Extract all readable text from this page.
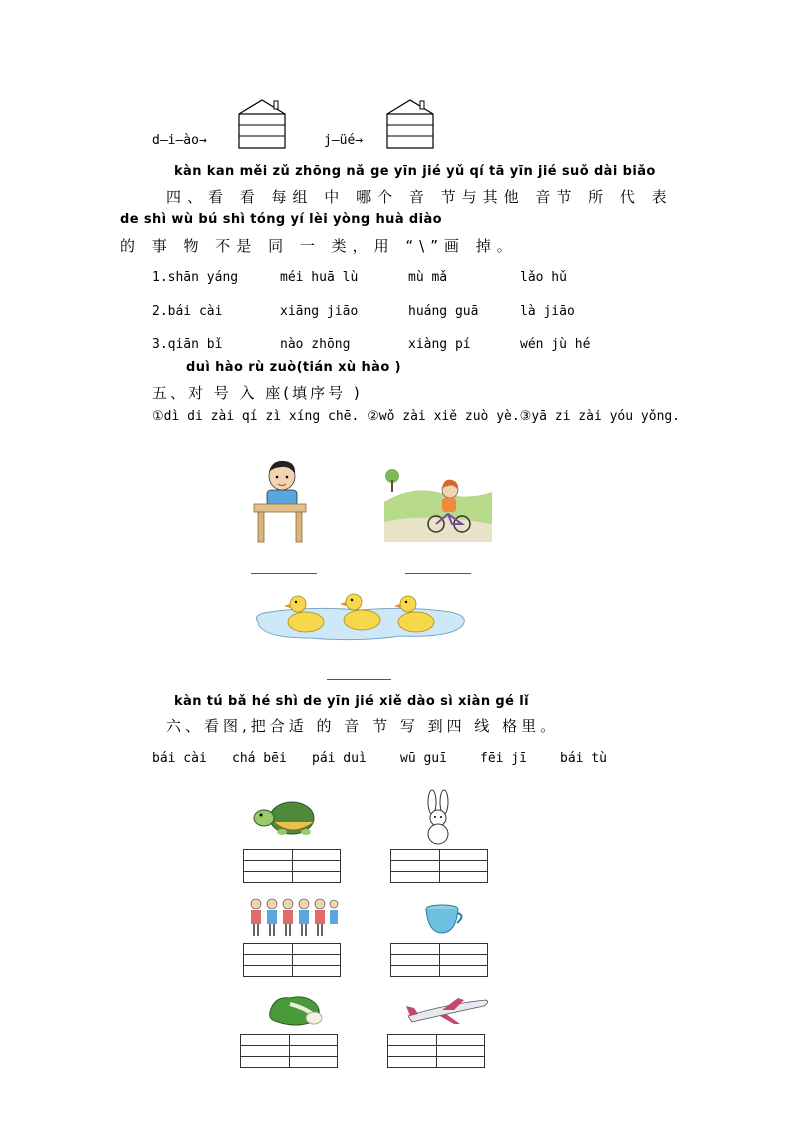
d—i—ào→	j—üé→
kàn kan měi zǔ zhōng nǎ ge yīn jié yǔ qí tā yīn jié suǒ dài biǎo
四、看 看 每组 中 哪个 音 节与其他 音节 所 代 表
de shì wù bú shì tóng yí lèi yòng huà diào
的 事 物 不是 同 一 类，用 “\”画 掉。
1.shān yáng	méi huā lù	mù mǎ	lǎo hǔ
2.bái cài	xiāng jiāo	huáng guā	là jiāo
3.qiān bǐ	nào zhōng	xiàng pí	wén jù hé
duì hào rù zuò(tián xù hào )
五、对 号 入 座(填序号 )
①dì di zài qí zì xíng chē. ②wǒ zài xiě zuò yè.③yā zi zài yóu yǒng.
kàn tú bǎ hé shì de yīn jié xiě dào sì xiàn gé lǐ
六、看图,把合适 的 音 节 写 到四 线 格里。
bái cài chá bēi pái duì	wū guī	fēi jī	bái tù
